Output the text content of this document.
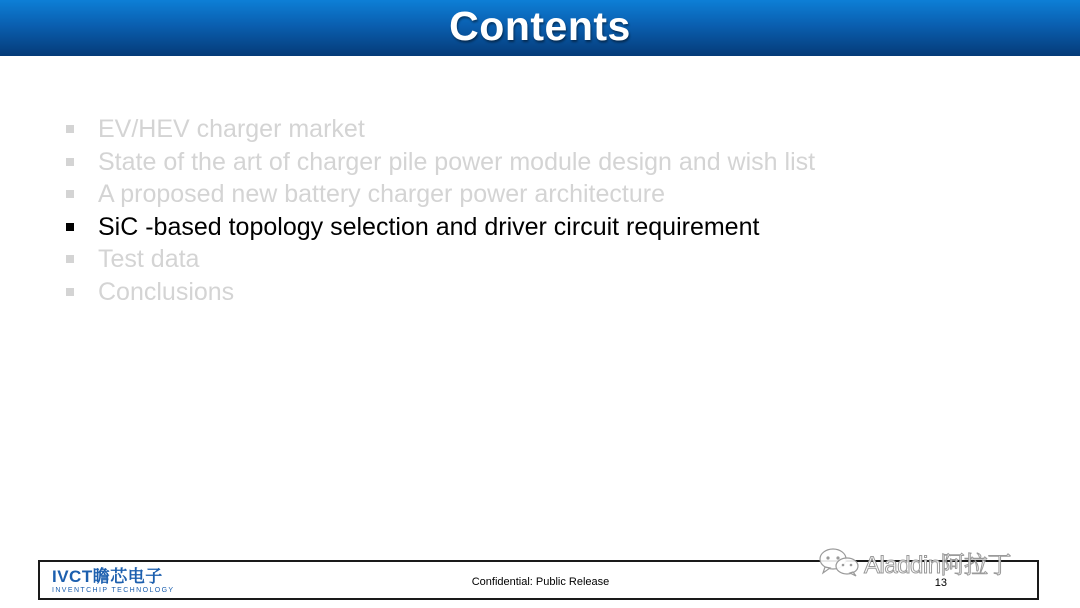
Contents
EV/HEV charger market
State of the art of charger pile power module design and wish list
A proposed new battery charger power architecture
SiC -based topology selection and driver circuit requirement
Test data
Conclusions
IVCT瞻芯电子
INVENTCHIP TECHNOLOGY
Confidential: Public Release	13
Aladdin阿拉丁
